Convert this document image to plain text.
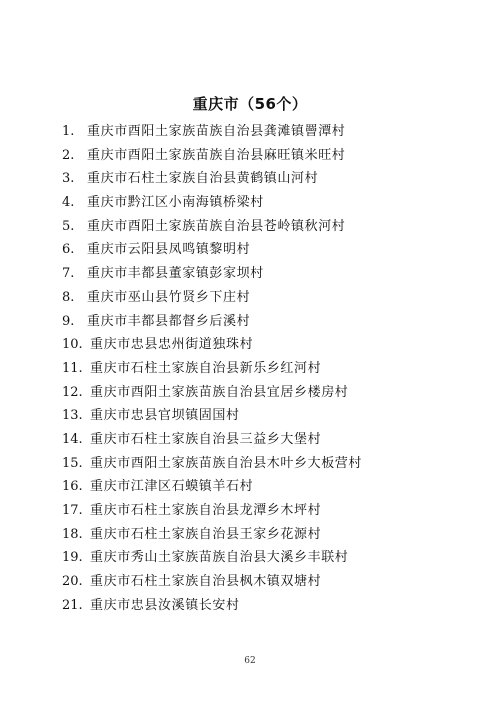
重庆市（56个）
1. 重庆市酉阳土家族苗族自治县龚滩镇罾潭村
2. 重庆市酉阳土家族苗族自治县麻旺镇米旺村
3. 重庆市石柱土家族自治县黄鹤镇山河村
4. 重庆市黔江区小南海镇桥梁村
5. 重庆市酉阳土家族苗族自治县苍岭镇秋河村
6. 重庆市云阳县凤鸣镇黎明村
7. 重庆市丰都县董家镇彭家坝村
8. 重庆市巫山县竹贤乡下庄村
9. 重庆市丰都县都督乡后溪村
10. 重庆市忠县忠州街道独珠村
11. 重庆市石柱土家族自治县新乐乡红河村
12. 重庆市酉阳土家族苗族自治县宜居乡楼房村
13. 重庆市忠县官坝镇固国村
14. 重庆市石柱土家族自治县三益乡大堡村
15. 重庆市酉阳土家族苗族自治县木叶乡大板营村
16. 重庆市江津区石蟆镇羊石村
17. 重庆市石柱土家族自治县龙潭乡木坪村
18. 重庆市石柱土家族自治县王家乡花源村
19. 重庆市秀山土家族苗族自治县大溪乡丰联村
20. 重庆市石柱土家族自治县枫木镇双塘村
21. 重庆市忠县汝溪镇长安村
62
